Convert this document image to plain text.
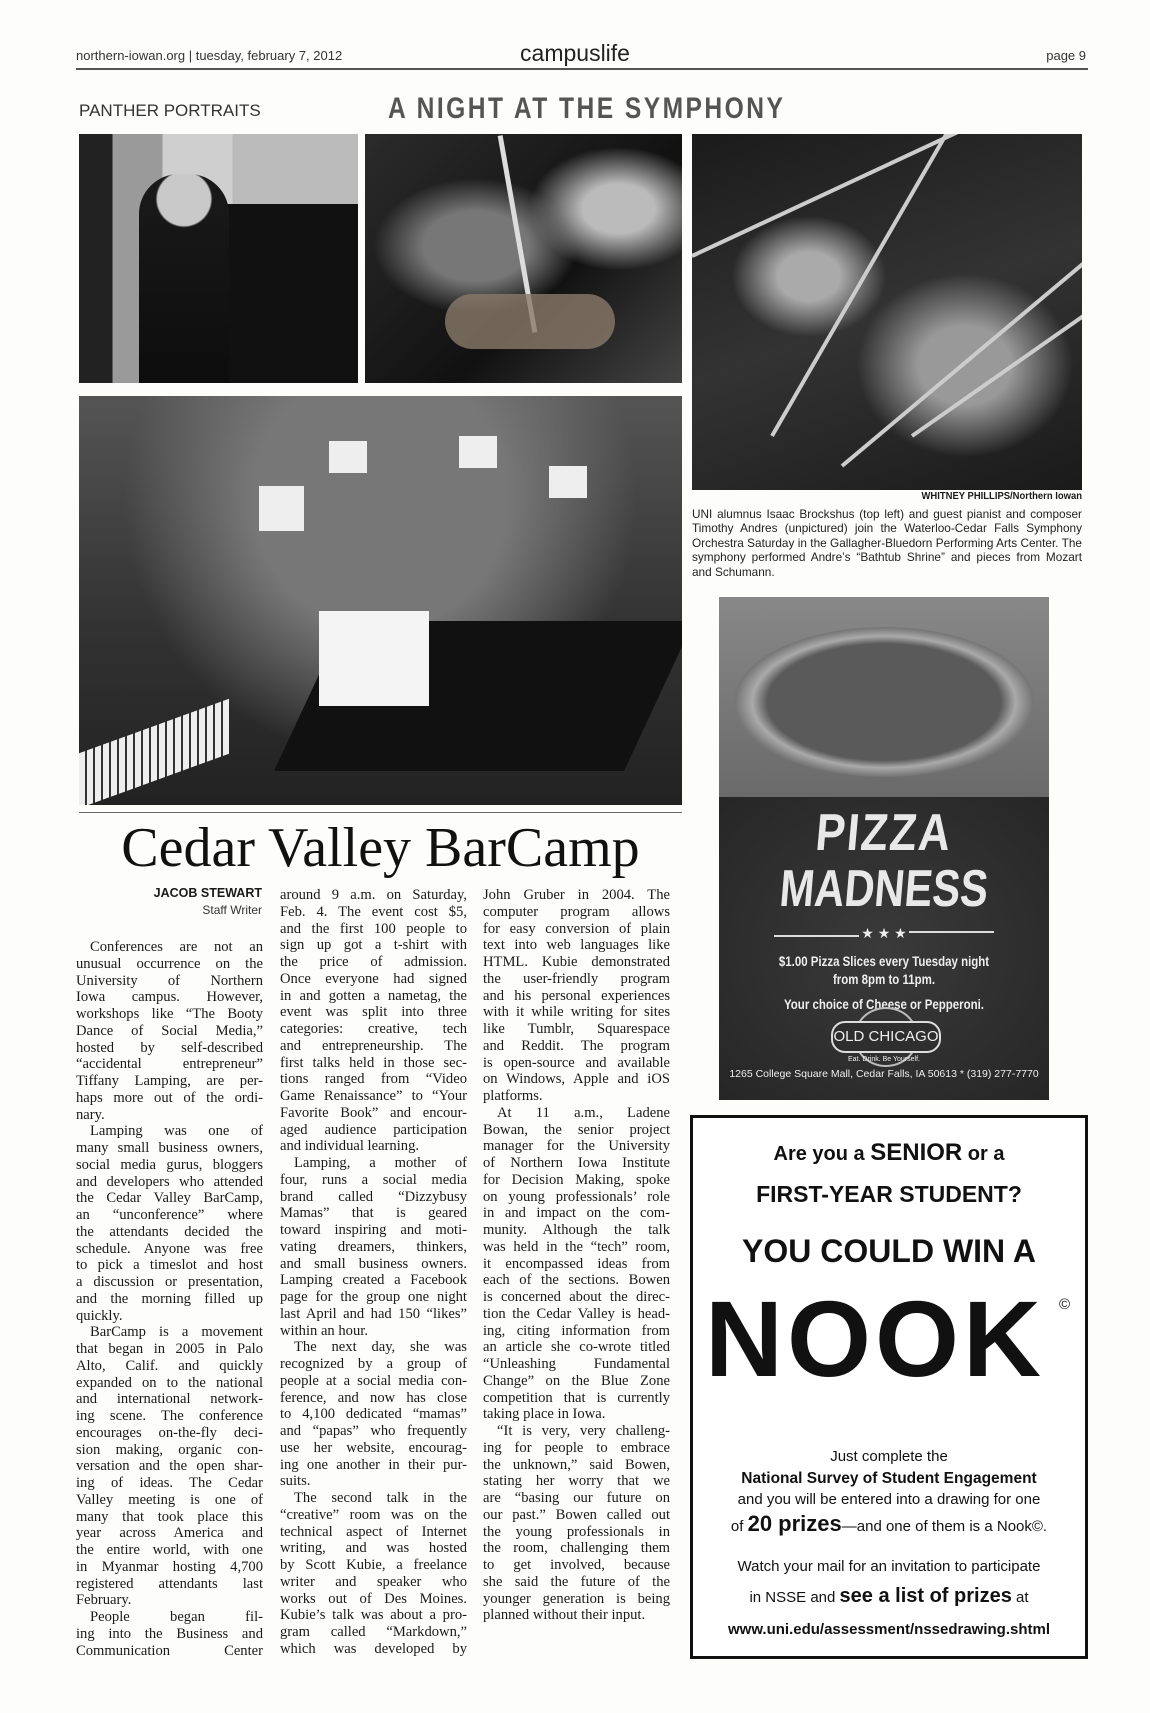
northern-iowan.org | tuesday, february 7, 2012	campuslife	page 9
PANTHER PORTRAITS	A NIGHT AT THE SYMPHONY
WHITNEY PHILLIPS/Northern Iowan
UNI alumnus Isaac Brockshus (top left) and guest pianist and composer Timothy Andres (unpictured) join the Waterloo-Cedar Falls Symphony Orchestra Saturday in the Gallagher-Bluedorn Performing Arts Center. The symphony performed Andre’s “Bathtub Shrine” and pieces from Mozart and Schumann.
Cedar Valley BarCamp
JACOB STEWART
Staff Writer
Conferences are not an
unusual occurrence on the
University of Northern
Iowa campus. However,
workshops like “The Booty
Dance of Social Media,”
hosted by self-described
“accidental entrepreneur”
Tiffany Lamping, are per-
haps more out of the ordi-
nary.
Lamping was one of
many small business owners,
social media gurus, bloggers
and developers who attended
the Cedar Valley BarCamp,
an “unconference” where
the attendants decided the
schedule. Anyone was free
to pick a timeslot and host
a discussion or presentation,
and the morning filled up
quickly.
BarCamp is a movement
that began in 2005 in Palo
Alto, Calif. and quickly
expanded on to the national
and international network-
ing scene. The conference
encourages on-the-fly deci-
sion making, organic con-
versation and the open shar-
ing of ideas. The Cedar
Valley meeting is one of
many that took place this
year across America and
the entire world, with one
in Myanmar hosting 4,700
registered attendants last
February.
People began fil-
ing into the Business and
Communication Center
around 9 a.m. on Saturday,
Feb. 4. The event cost $5,
and the first 100 people to
sign up got a t-shirt with
the price of admission.
Once everyone had signed
in and gotten a nametag, the
event was split into three
categories: creative, tech
and entrepreneurship. The
first talks held in those sec-
tions ranged from “Video
Game Renaissance” to “Your
Favorite Book” and encour-
aged audience participation
and individual learning.
Lamping, a mother of
four, runs a social media
brand called “Dizzybusy
Mamas” that is geared
toward inspiring and moti-
vating dreamers, thinkers,
and small business owners.
Lamping created a Facebook
page for the group one night
last April and had 150 “likes”
within an hour.
The next day, she was
recognized by a group of
people at a social media con-
ference, and now has close
to 4,100 dedicated “mamas”
and “papas” who frequently
use her website, encourag-
ing one another in their pur-
suits.
The second talk in the
“creative” room was on the
technical aspect of Internet
writing, and was hosted
by Scott Kubie, a freelance
writer and speaker who
works out of Des Moines.
Kubie’s talk was about a pro-
gram called “Markdown,”
which was developed by
John Gruber in 2004. The
computer program allows
for easy conversion of plain
text into web languages like
HTML. Kubie demonstrated
the user-friendly program
and his personal experiences
with it while writing for sites
like Tumblr, Squarespace
and Reddit. The program
is open-source and available
on Windows, Apple and iOS
platforms.
At 11 a.m., Ladene
Bowan, the senior project
manager for the University
of Northern Iowa Institute
for Decision Making, spoke
on young professionals’ role
in and impact on the com-
munity. Although the talk
was held in the “tech” room,
it encompassed ideas from
each of the sections. Bowen
is concerned about the direc-
tion the Cedar Valley is head-
ing, citing information from
an article she co-wrote titled
“Unleashing Fundamental
Change” on the Blue Zone
competition that is currently
taking place in Iowa.
“It is very, very challeng-
ing for people to embrace
the unknown,” said Bowen,
stating her worry that we
are “basing our future on
our past.” Bowen called out
the young professionals in
the room, challenging them
to get involved, because
she said the future of the
younger generation is being
planned without their input.
PIZZA
MADNESS
★ ★ ★
$1.00 Pizza Slices every Tuesday night
from 8pm to 11pm.
Your choice of Cheese or Pepperoni.
OLD CHICAGO
Eat. Drink. Be Yourself.
1265 College Square Mall, Cedar Falls, IA 50613 * (319) 277-7770
Are you a SENIOR or a
FIRST-YEAR STUDENT?
YOU COULD WIN A
NOOK ©
Just complete the
National Survey of Student Engagement
and you will be entered into a drawing for one
of 20 prizes—and one of them is a Nook©.
Watch your mail for an invitation to participate
in NSSE and see a list of prizes at
www.uni.edu/assessment/nssedrawing.shtml
